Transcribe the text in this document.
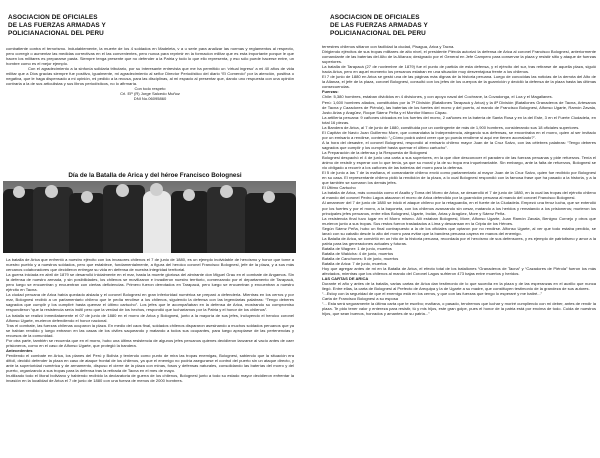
ASOCIACION DE OFICIALES
DE LAS FUERZAS ARMADAS Y
POLICIANACIONAL DEL PERU

combatiente contra el terrorismo. Indudablemente, la muerte de los 4 soldados en Madeleta, v a u serie para analizar las normas y reglamentos al respecto, pero corregir o aumentar las medidas correctivas en el Ias convenientes, pero nunca para reprimir en la formacion militar que es esta importante porque le que hacen los militares es prepararse pasta. Siempre tenga presente que no defender a la Patria y todo lo que ello representa, y eso sólo puede hacerse entre, un hombre como es el mejor ejemplo.

Con el agradecimiento a la sinfonía solidaria tributario, por su interesante entrevista que me ha permitido un ‘virtual ingreso’ a mi 40 años de vida militar que a Dios gracias siempre fue positivo, igualmente, mi agradecimiento al señor Director Periodístico del diario “El Comercio” por la atención, positiva o negativa, que le haga dispensado a mi opinión, mi pedido a la recusa, para las disciplinas, al mi espacio al presentar que, dando uno respuesta con una opinión contraria a la de sus articulistas y sus libros periodísticos, no lo afirmaría.

Con todo respeto

Crl. EP (R) Jorge Salcedo Muñoz

DNI No.06095860

Día de la Batalla de Arica y del héroe Francisco Bolognesi

La batalla de Arica que enfrentó a nuestro ejército con los invasores chilenos el 7 de junio de 1880, es un ejemplo inolvidable de heroísmo y honor que tome a nuestro pueblo y a nuestros soldados, pero que establece, fundamentalmente, a figura del heroico coronel Francisco Bolognesi, jefe de la plaza, y a sus más cercanos colaboradores que decidieron entregar su vida en defensa de nuestra integridad territorial.

La guerra iniciada en abril de 1879 se desarrolló inicialmente en el mar, hasta la muerte gloriosa del almirante don Miguel Grau en el combate de Angamos. Sin la defensa de nuestro armada, y sin posibilidades, los chilenos se movilizaron e invadieron nuestro territorio, comenzando por el departamento de Tarapacá, pero luego se encuentran y encuentran con ciertas deficiencias. Primero fueron derrotados en Tarapacá, pero luego se encuentran y encuentran a nuestro ejército en Tacna.

La ciudad peruana de Arica había quedado aislada y el coronel Bolognesi en gran inferioridad numérica se preparó a defenderla. Mientras en los cerros y por mar, Bolognesi recibió a un parlamentario chileno que le pedía rendirse a los chilenos, siguiendo la defensa con las legendarias palabras: “Tengo deberes sagrados que cumplir y los cumpliré hasta quemar el último cartucho”. Los jefes que le acompañaban en la defensa de Arica, mostrando su compromiso respondieron “que la resistencia sería inútil pero que la verdad de los hechos, respondió que lucharíamos por la Patria y el honor de los chilenos”.

La batalla se realizó inmediatamente el 07 de junio de 1880 en el morro de Arica y Bolognesi, junto a la mayoría de sus jefes, incluyendo el heroico coronel Alfonso Ugarte, murieron defendiendo el honor nacional.

Tras el combate, las fuerzas chilenas ocuparon la plaza. En medio del caos final, soldados chilenos dispararon asesinando a muchos soldados peruanos que ya se habían rendido y luego entraron en las casas de los civiles saqueando y matando a todos sus ocupantes, para luego apropiarse de las pertenencias y recursos de la comunidad.

Por otra parte, también se recuerda que en el morro, hubo una última resistencia de algunos jefes peruanos quienes decidieron lanzarse al vacío antes de caer prisioneros, como en el caso de Alfonso Ugarte, que protegió la bandera.

Antecedentes

Perdiendo el combate en Arica, los planes del Perú y Bolivia y teniendo como punto de mira las tropas enemigas, Bolognesi, sabiendo que la situación era difícil, decidió defender la plaza en caso de ataque frontal de los chilenos, ya que el enemigo no podría asegurarse el control del puerto sin un ataque directo, y ante la superioridad numérica y de armamento, dispuso el cierre de la plaza con minas, fosos y defensas naturales, consolidando las baterías del morro y del puerto, organizando a sus tropas para la defensa tras la retirada de Tacna en el mes de mayo.

Inutilizado todo el litoral boliviano y habiendo recibido la declaratoria de guerra de los chilenos, Bolognesi junto a todo su estado mayor decidieron enfrentar la invasión en la localidad de Arica el 7 de junio de 1880 con una fuerza de menos de 2000 hombres.

ASOCIACION DE OFICIALES
DE LAS FUERZAS ARMADAS Y
POLICIANACIONAL DEL PERU

terrestres chilenos sitiaron con facilidad la ciudad, Pisagua, Arica y Tacna.

Dirigiendo ejércitos de sus tropas militares de alto nivel, el presidente Piérola autorizó la defensa de Arica al coronel Francisco Bolognesi, anteriormente comandante de las baterías del Alto de la Alianza; designado por el General en Jefe Campero para conservar la plaza y resistir sitio y ataque de fuerzas superiores.

La batalla de Tarapacá (27 de noviembre de 1879) fue el punto de partida de esta defensa, y el ejército del sur, tras retirarse de aquella plaza, siguió hacia Arica, pero en aquel momento los peruanos estaban en una situación muy desventajosa frente a los chilenos.

El 7 de junio de 1880 en Arica se gestó una de las páginas más dignas de la historia peruana. Luego de conocidas las noticias de la derrota del Alto de la Alianza, el jefe de la plaza, coronel Bolognesi, consultó con los jefes de los cuerpos de la guarnición y decidió la defensa de la plaza hasta las últimas consecuencias.

Fuerzas:

Chile: 5,380 hombres, estaban divididos en 4 divisiones, y con apoyo naval del Cochrane, la Covadonga, el Loa y el Magallanes.

Perú: 1,600 hombres aliados, constituidos por la 7ª División (Batallones Tarapacá y Arica) y la 8ª División (Batallones Granaderos de Tacna, Artesanos de Tacna y Cazadores de Piérola), las baterías de los fuertes del morro y del puerto, al mando de Francisco Bolognesi, Alfonso Ugarte, Ramón Zavala, Justo Arias y Aragüez, Roque Sáenz Peña y el Monitor Manco Cápac.

La artillería peruana: 9 cañones ubicados en los fuertes del morro, 2 cañones en la batería de Santa Rosa y en la del Este, 3 en el Fuerte Ciudadela, en total 16 piezas.

La Bandera de Arica, al 7 de junio de 1880, constituida por un contingente de más de 1,900 hombres, considerando sus 18 oficiales superiores.

El Capitán de Navío Juan Guillermo More, que comandaba la Independencia, alegando sus defensas, se encontraba en el morro, quien al ser invitado por un emisario a rendirse, contestó: “¿Cómo podrá usted creer que yo pueda rendirme si aquí me tienen acorralado?”.

A la hora del desastre, el coronel Bolognesi, respondió al emisario chileno mayor Juan de la Cruz Salvo, con las célebres palabras: “Tengo deberes sagrados que cumplir y los cumpliré hasta quemar el último cartucho”.

La Preparación de la defensa y la Respuesta de Bolognesi

Bolognesi despachó el 4 de junio una carta a sus superiores, en la que dice desconocer el paradero de las fuerzas peruanas y pide refuerzos. Tenía el ánimo de resistir y esperar con lo que tenía, ya que su moral y la de su tropa era inquebrantable. Sin embargo, ante la falta de refuerzos, Bolognesi se vio obligado a recurrir a los cañones de las baterías del morro para la defensa.

El 5 de junio a las 7 de la mañana, el comandante chileno envió como parlamentario al mayor Juan de la Cruz Salvo, quien fue recibido por Bolognesi en su casa. El representante chileno pidió la rendición de la plaza, a lo cual Bolognesi respondió con la famosa frase que ha pasado a la historia, y a la que también se sumaron los demás jefes.

El Último Cartucho

La batalla de Arica, más conocida como el Asalto y Toma del Morro de Arica, se desarrolló el 7 de junio de 1880, en la cual las tropas del ejército chileno al mando del coronel Pedro Lagos atacaron el morro de Arica defendido por la guarnición peruana al mando del coronel Francisco Bolognesi.

Al amanecer del 7 de junio de 1880 se inició el ataque chileno por la retaguardia, en el fuerte de la Ciudadela. Empezó una feroz lucha, que se extendió por los fuertes y por el morro, a la bayoneta, con los chilenos avanzando sin cesar, matando a los heridos y rematando a los prisioneros; murieron los principales jefes peruanos, entre ellos Bolognesi, Ugarte, Inclán, Arias y Aragüez, More y Sáenz Peña.

La resistencia final tuvo lugar en el Morro mismo. Allí estaban Bolognesi, More, Alfonso Ugarte, Juan Ramón Zavala, Benigno Cornejo y otros que murieron junto a sus tropas. Sus restos fueron trasladados a Lima y descansan en la Cripta de los Héroes.

Según Sáenz Peña, hubo un final contrapuesto a la de los oficiales que optaron por no rendirse. Alfonso Ugarte, al ver que todo estaba perdido, se lanzó con su caballo desde lo alto del morro para evitar que la bandera peruana cayera en manos del enemigo.

La Batalla de Arica, se convirtió en un hito de la historia peruana, recordada por el heroísmo de sus defensores, y es ejemplo de patriotismo y amor a la patria para las generaciones actuales y futuras.

Batalla de Wagner: 1 de junio, muertos

Batalla de Wakicha: 4 de junio, muertos

Batalla de Canchones: 5 de junio, muertos

Batalla de Arica: 7 de junio, muertos

Hoy que agregar antes de mi en la Batalla de Arica, el efecto total de los batallones “Granaderos de Tacna” y “Cazadores de Piérola” fueron los más afectados, mientras que los chilenos al mando del Coronel Lagos sufrieron 473 bajas entre muertos y heridos.

LAS CARTAS DE ARICA

Durante el año y antes de la batalla, varias cartas de Arica dan testimonio de lo que sucedía en la plaza y de las esperanzas en el auxilio que nunca llegó. Entre ellas, la carta de Bolognesi al Prefecto de Arequipa y la de Ugarte a su madre, que constituyen testimonio de la grandeza de sus autores.

“...Estoy con la seguridad de que el enemigo está en los cerros, y que con las fuerzas que tengo lo esperaré y me batiré...”

Carta de Francisco Bolognesi a su esposa

“... Esta será seguramente la última carta que te escribo; mañana, o pasado, tendremos que luchar y moriré cumpliendo con mi deber, antes de rendir la plaza. Te pido tener valor y entereza para resistir, tú y mis hijos, este gran golpe, pues el honor de la patria está por encima de todo. Cuida de nuestros hijos, que sean buenos, honrados y amantes de su patria...”
